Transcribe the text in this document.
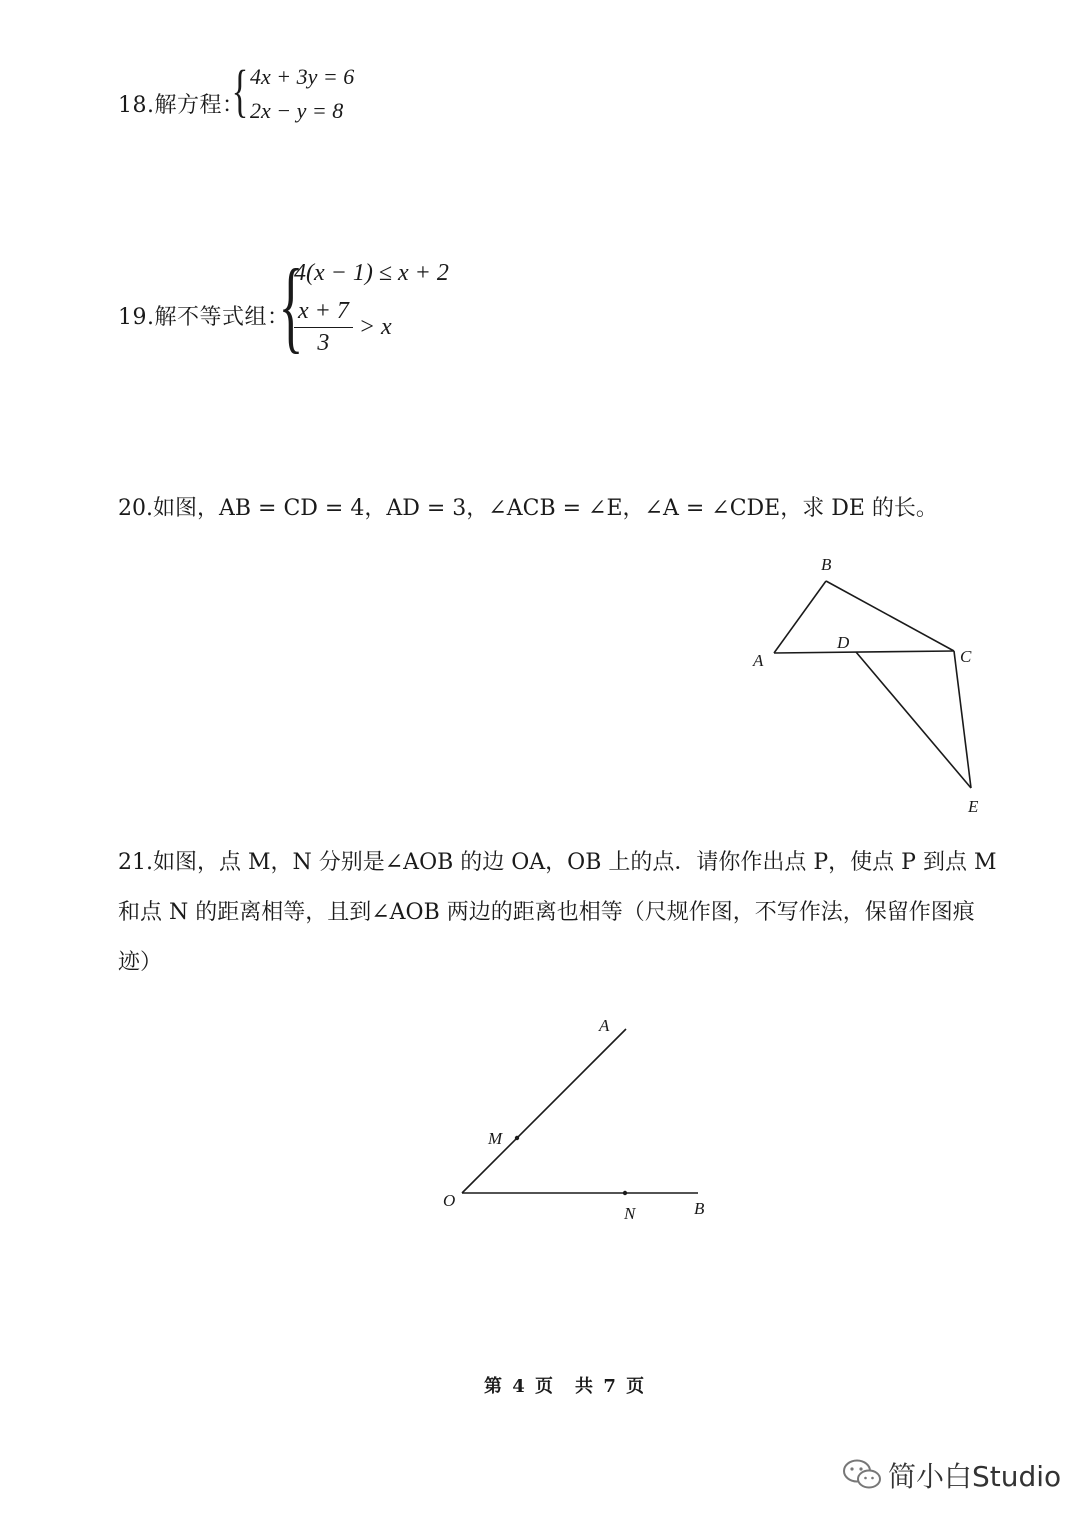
18.解方程：
{ 4x + 3y = 6
2x − y = 8
19.解不等式组：
{
4(x − 1) ≤ x + 2
$\frac{x + 7}{3} > x$
20.如图，AB = CD = 4，AD = 3，∠ACB = ∠E，∠A = ∠CDE，求 DE 的长。
B
A
D
C
E
21.如图，点 M，N 分别是∠AOB 的边 OA，OB 上的点．请你作出点 P，使点 P 到点 M
和点 N 的距离相等，且到∠AOB 两边的距离也相等（尺规作图，不写作法，保留作图痕
迹）
A
M
O
N	B
第 4 页　共 7 页
简小白Studio
